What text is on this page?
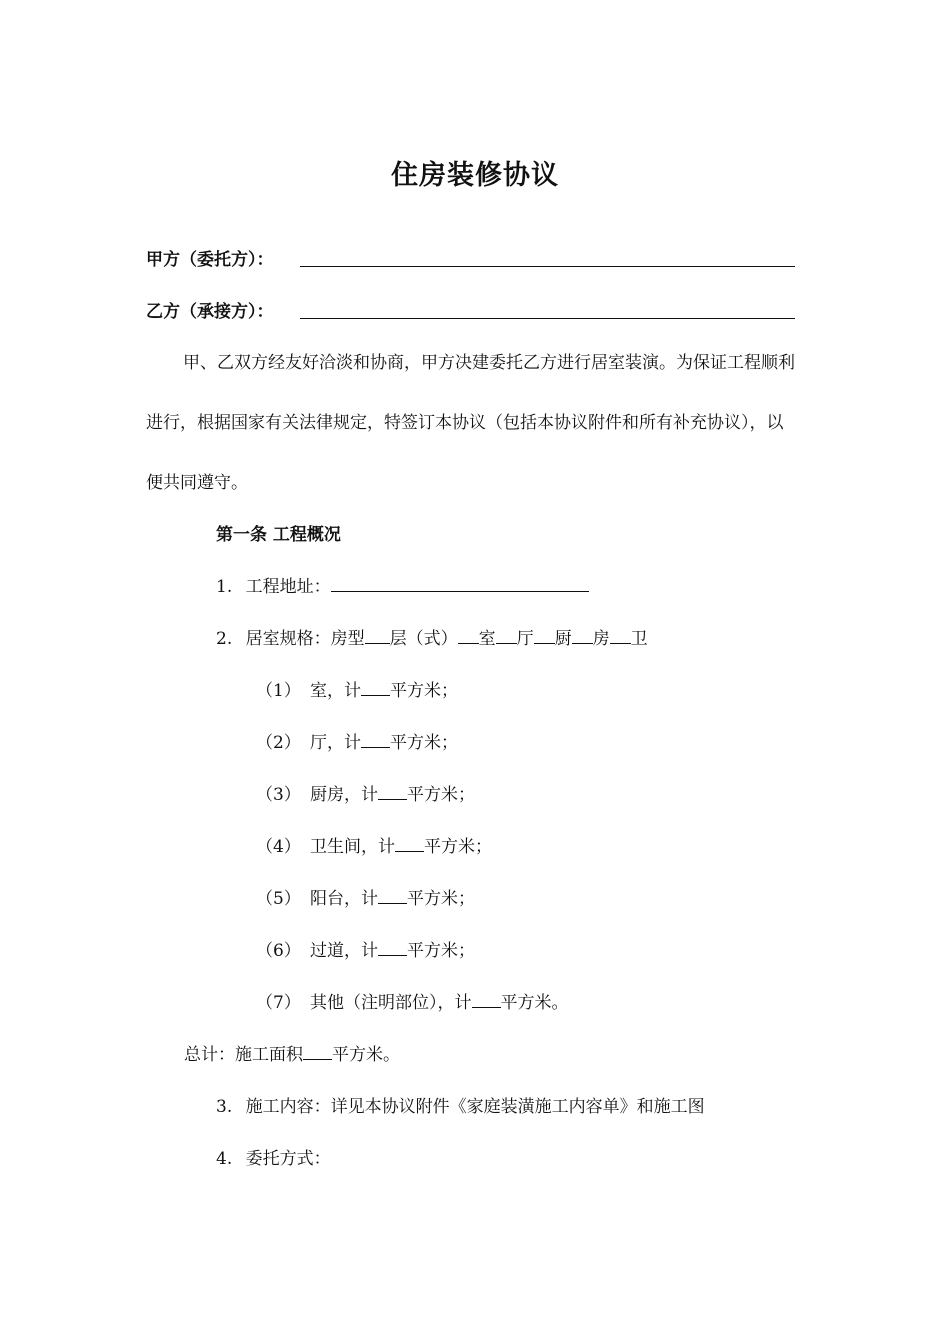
住房装修协议
甲方（委托方）：
乙方（承接方）：

甲、乙双方经友好洽淡和协商，甲方决建委托乙方进行居室装演。为保证工程顺利进行，根据国家有关法律规定，特签订本协议（包括本协议附件和所有补充协议），以便共同遵守。

第一条 工程概况
1. 工程地址：
2. 居室规格：房型 层（式） 室 厅 厨 房 卫
（1） 室，计 平方米；
（2） 厅，计 平方米；
（3） 厨房，计 平方米；
（4） 卫生间，计 平方米；
（5） 阳台，计 平方米；
（6） 过道，计 平方米；
（7） 其他（注明部位），计 平方米。
总计：施工面积 平方米。
3. 施工内容：详见本协议附件《家庭装潢施工内容单》和施工图
4. 委托方式：
